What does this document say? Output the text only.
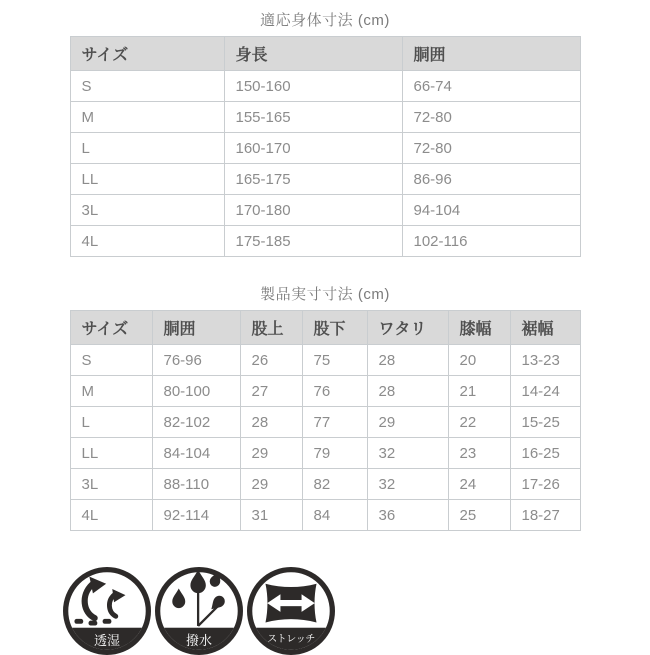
適応身体寸法 (cm)

サイズ	身長	胴囲
S	150-160	66-74
M	155-165	72-80
L	160-170	72-80
LL	165-175	86-96
3L	170-180	94-104
4L	175-185	102-116

製品実寸寸法 (cm)

サイズ	胴囲	股上	股下	ワタリ	膝幅	裾幅
S	76-96	26	75	28	20	13-23
M	80-100	27	76	28	21	14-24
L	82-102	28	77	29	22	15-25
LL	84-104	29	79	32	23	16-25
3L	88-110	29	82	32	24	17-26
4L	92-114	31	84	36	25	18-27
透湿	撥水	ストレッチ
